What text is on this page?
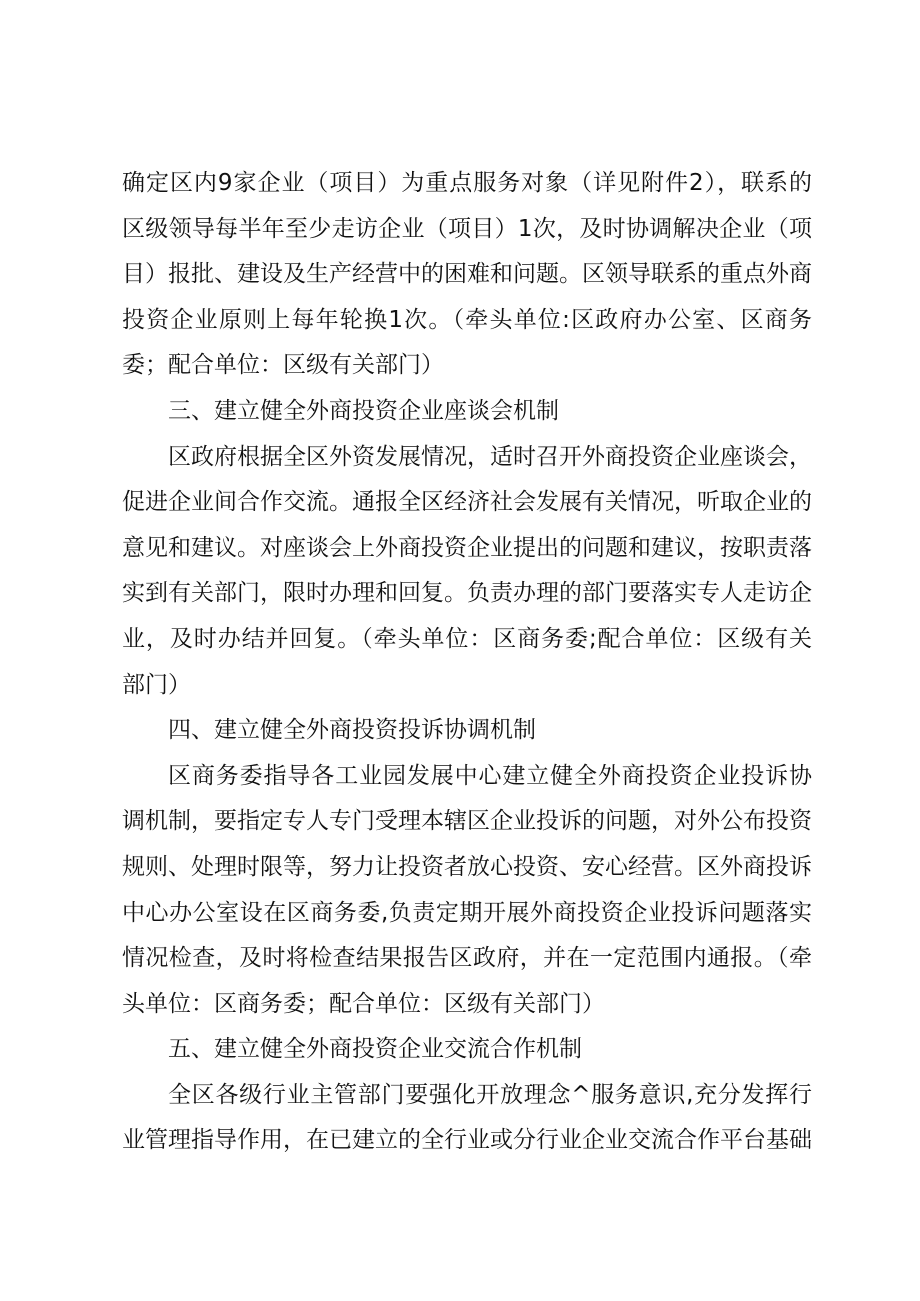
确定区内9家企业（项目）为重点服务对象（详见附件2），联系的
区级领导每半年至少走访企业（项目）1次，及时协调解决企业（项
目）报批、建设及生产经营中的困难和问题。区领导联系的重点外商
投资企业原则上每年轮换1次。（牵头单位:区政府办公室、区商务
委；配合单位：区级有关部门）
三、建立健全外商投资企业座谈会机制
区政府根据全区外资发展情况，适时召开外商投资企业座谈会，
促进企业间合作交流。通报全区经济社会发展有关情况，听取企业的
意见和建议。对座谈会上外商投资企业提出的问题和建议，按职责落
实到有关部门，限时办理和回复。负责办理的部门要落实专人走访企
业，及时办结并回复。（牵头单位：区商务委;配合单位：区级有关
部门）
四、建立健全外商投资投诉协调机制
区商务委指导各工业园发展中心建立健全外商投资企业投诉协
调机制，要指定专人专门受理本辖区企业投诉的问题，对外公布投资
规则、处理时限等，努力让投资者放心投资、安心经营。区外商投诉
中心办公室设在区商务委,负责定期开展外商投资企业投诉问题落实
情况检查，及时将检查结果报告区政府，并在一定范围内通报。（牵
头单位：区商务委；配合单位：区级有关部门）
五、建立健全外商投资企业交流合作机制
全区各级行业主管部门要强化开放理念^服务意识,充分发挥行
业管理指导作用，在已建立的全行业或分行业企业交流合作平台基础
